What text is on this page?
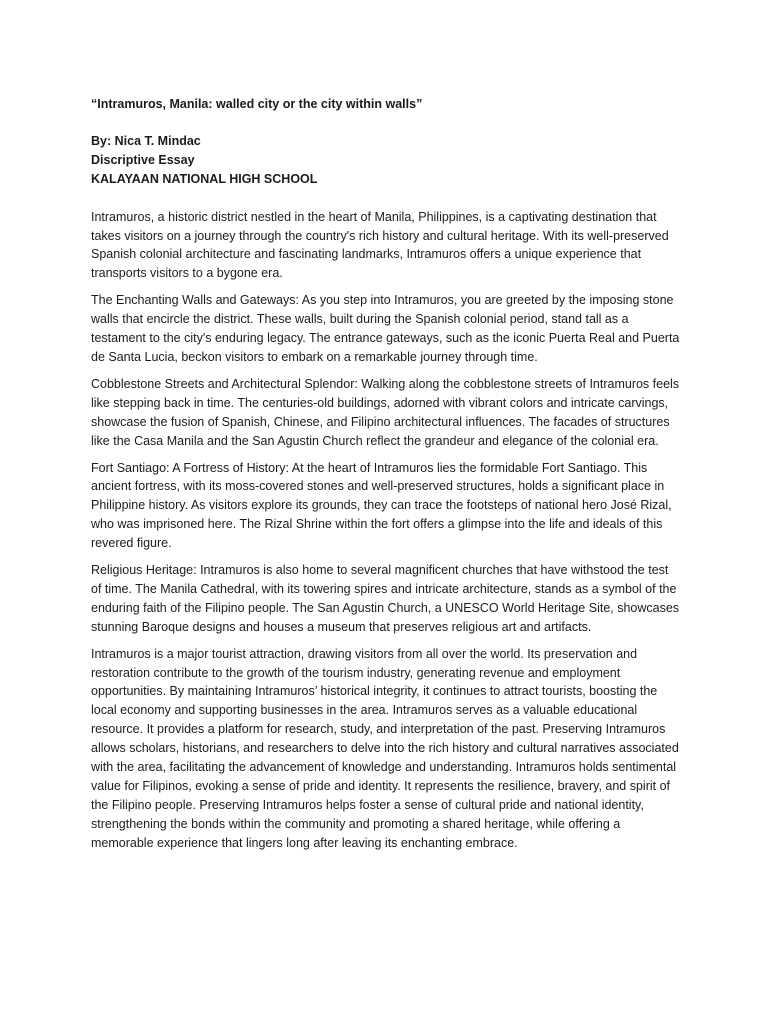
“Intramuros, Manila: walled city or the city within walls”
By: Nica T. Mindac
Discriptive Essay
KALAYAAN NATIONAL HIGH SCHOOL

Intramuros, a historic district nestled in the heart of Manila, Philippines, is a captivating destination that takes visitors on a journey through the country's rich history and cultural heritage. With its well-preserved Spanish colonial architecture and fascinating landmarks, Intramuros offers a unique experience that transports visitors to a bygone era.

The Enchanting Walls and Gateways: As you step into Intramuros, you are greeted by the imposing stone walls that encircle the district. These walls, built during the Spanish colonial period, stand tall as a testament to the city's enduring legacy. The entrance gateways, such as the iconic Puerta Real and Puerta de Santa Lucia, beckon visitors to embark on a remarkable journey through time.

Cobblestone Streets and Architectural Splendor: Walking along the cobblestone streets of Intramuros feels like stepping back in time. The centuries-old buildings, adorned with vibrant colors and intricate carvings, showcase the fusion of Spanish, Chinese, and Filipino architectural influences. The facades of structures like the Casa Manila and the San Agustin Church reflect the grandeur and elegance of the colonial era.

Fort Santiago: A Fortress of History: At the heart of Intramuros lies the formidable Fort Santiago. This ancient fortress, with its moss-covered stones and well-preserved structures, holds a significant place in Philippine history. As visitors explore its grounds, they can trace the footsteps of national hero José Rizal, who was imprisoned here. The Rizal Shrine within the fort offers a glimpse into the life and ideals of this revered figure.

Religious Heritage: Intramuros is also home to several magnificent churches that have withstood the test of time. The Manila Cathedral, with its towering spires and intricate architecture, stands as a symbol of the enduring faith of the Filipino people. The San Agustin Church, a UNESCO World Heritage Site, showcases stunning Baroque designs and houses a museum that preserves religious art and artifacts.

Intramuros is a major tourist attraction, drawing visitors from all over the world. Its preservation and restoration contribute to the growth of the tourism industry, generating revenue and employment opportunities. By maintaining Intramuros’ historical integrity, it continues to attract tourists, boosting the local economy and supporting businesses in the area. Intramuros serves as a valuable educational resource. It provides a platform for research, study, and interpretation of the past. Preserving Intramuros allows scholars, historians, and researchers to delve into the rich history and cultural narratives associated with the area, facilitating the advancement of knowledge and understanding. Intramuros holds sentimental value for Filipinos, evoking a sense of pride and identity. It represents the resilience, bravery, and spirit of the Filipino people. Preserving Intramuros helps foster a sense of cultural pride and national identity, strengthening the bonds within the community and promoting a shared heritage, while offering a memorable experience that lingers long after leaving its enchanting embrace.
